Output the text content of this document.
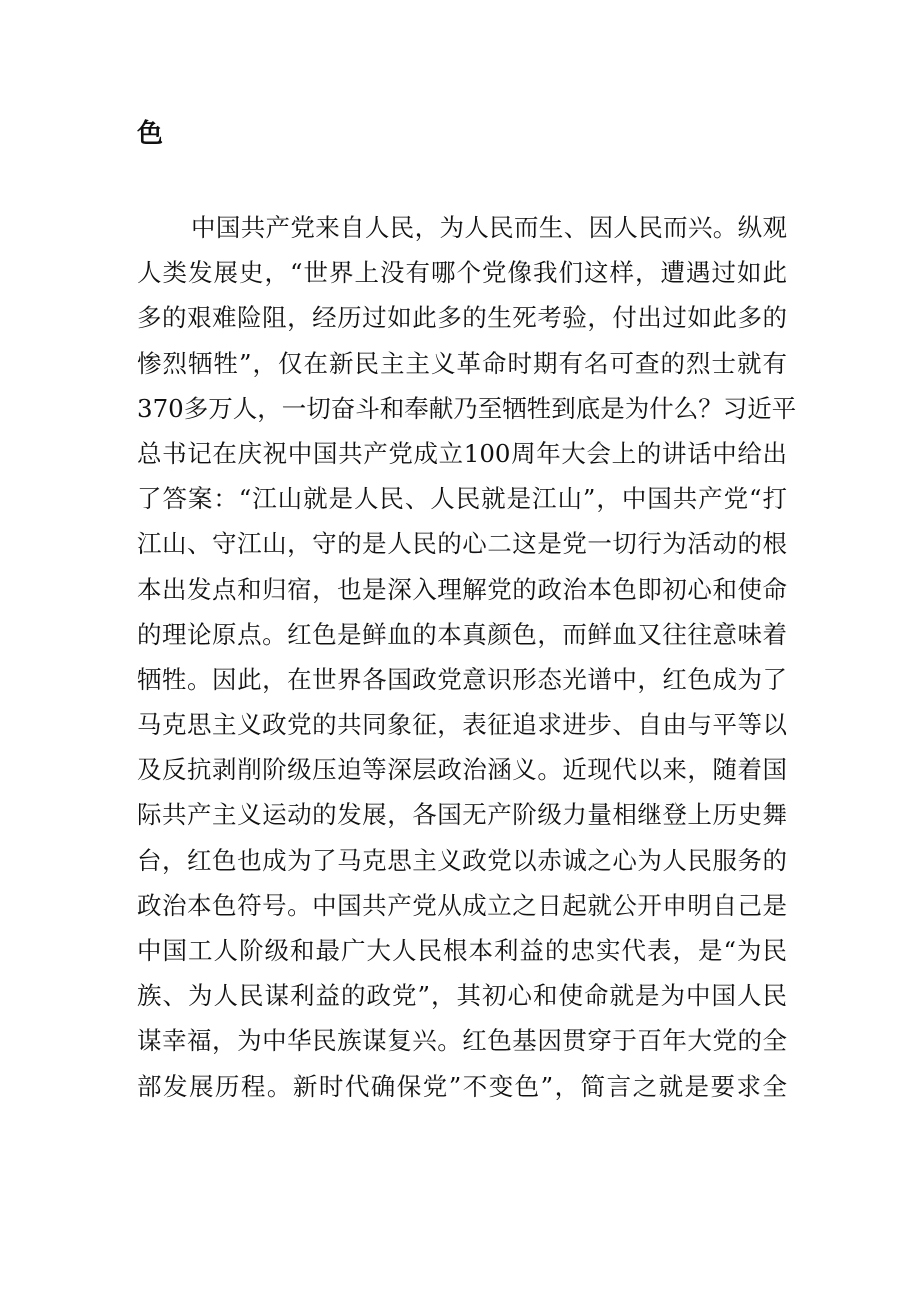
色
中国共产党来自人民，为人民而生、因人民而兴。纵观
人类发展史，“世界上没有哪个党像我们这样，遭遇过如此
多的艰难险阻，经历过如此多的生死考验，付出过如此多的
惨烈牺牲”，仅在新民主主义革命时期有名可查的烈士就有
370多万人，一切奋斗和奉献乃至牺牲到底是为什么？习近平
总书记在庆祝中国共产党成立100周年大会上的讲话中给出
了答案：“江山就是人民、人民就是江山”，中国共产党“打
江山、守江山，守的是人民的心二这是党一切行为活动的根
本出发点和归宿，也是深入理解党的政治本色即初心和使命
的理论原点。红色是鲜血的本真颜色，而鲜血又往往意味着
牺牲。因此，在世界各国政党意识形态光谱中，红色成为了
马克思主义政党的共同象征，表征追求进步、自由与平等以
及反抗剥削阶级压迫等深层政治涵义。近现代以来，随着国
际共产主义运动的发展，各国无产阶级力量相继登上历史舞
台，红色也成为了马克思主义政党以赤诚之心为人民服务的
政治本色符号。中国共产党从成立之日起就公开申明自己是
中国工人阶级和最广大人民根本利益的忠实代表，是“为民
族、为人民谋利益的政党”，其初心和使命就是为中国人民
谋幸福，为中华民族谋复兴。红色基因贯穿于百年大党的全
部发展历程。新时代确保党”不变色”，简言之就是要求全
